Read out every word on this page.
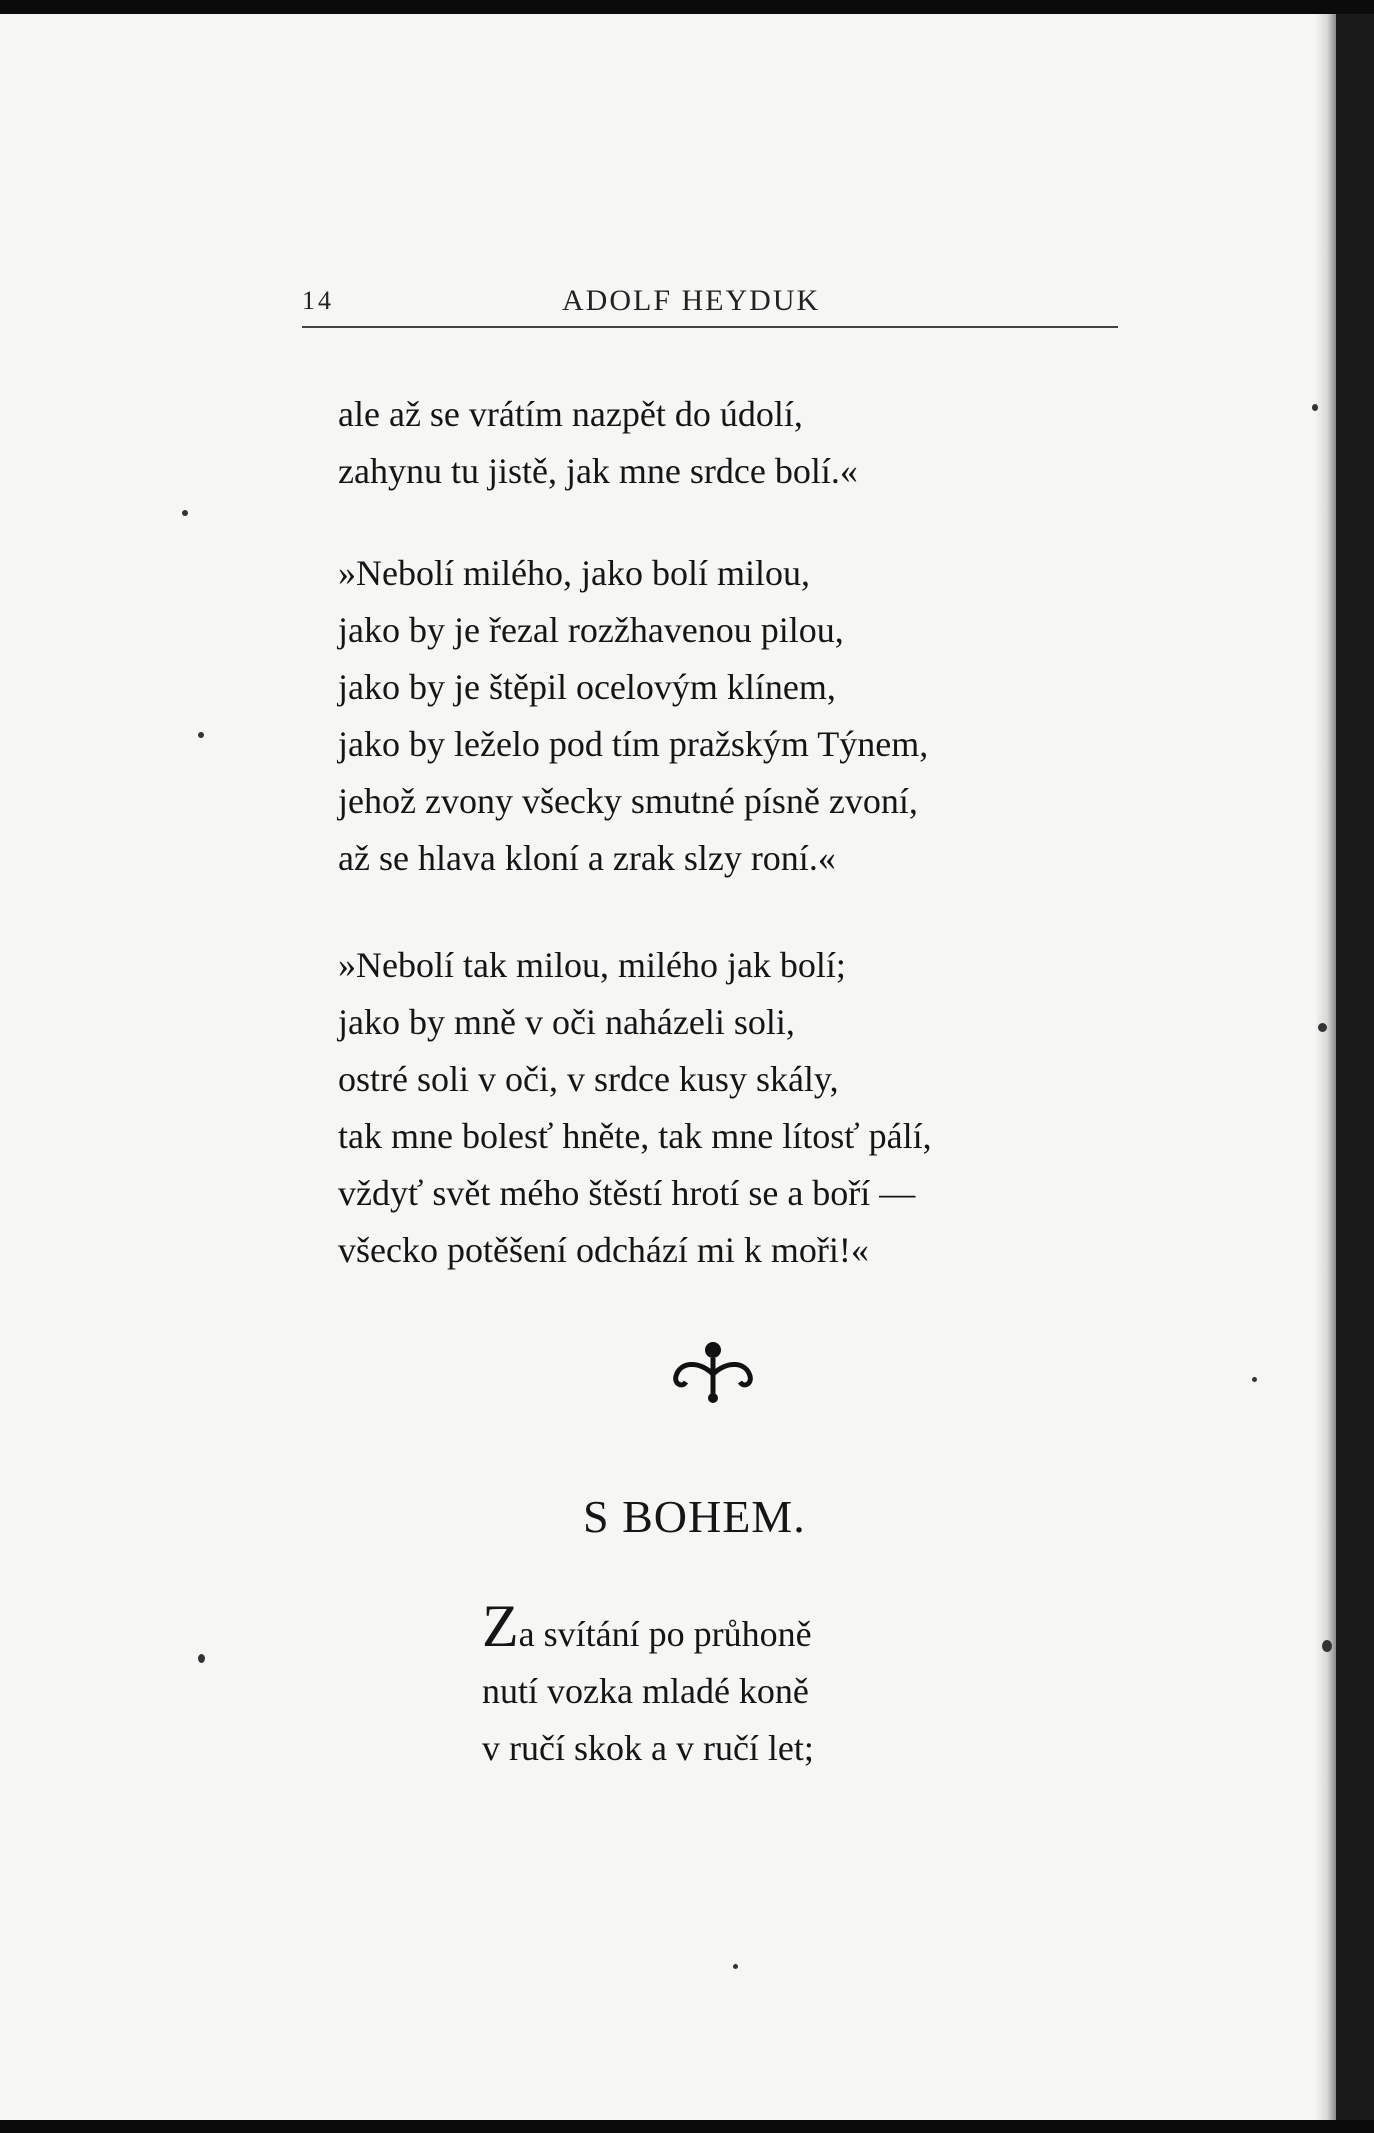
14	ADOLF HEYDUK
ale až se vrátím nazpět do údolí,
zahynu tu jistě, jak mne srdce bolí.«
»Nebolí milého, jako bolí milou,
jako by je řezal rozžhavenou pilou,
jako by je štěpil ocelovým klínem,
jako by leželo pod tím pražským Týnem,
jehož zvony všecky smutné písně zvoní,
až se hlava kloní a zrak slzy roní.«
»Nebolí tak milou, milého jak bolí;
jako by mně v oči naházeli soli,
ostré soli v oči, v srdce kusy skály,
tak mne bolesť hněte, tak mne lítosť pálí,
vždyť svět mého štěstí hrotí se a boří —
všecko potěšení odchází mi k moři!«
S BOHEM.
Za svítání po průhoně
nutí vozka mladé koně
v ručí skok a v ručí let;
